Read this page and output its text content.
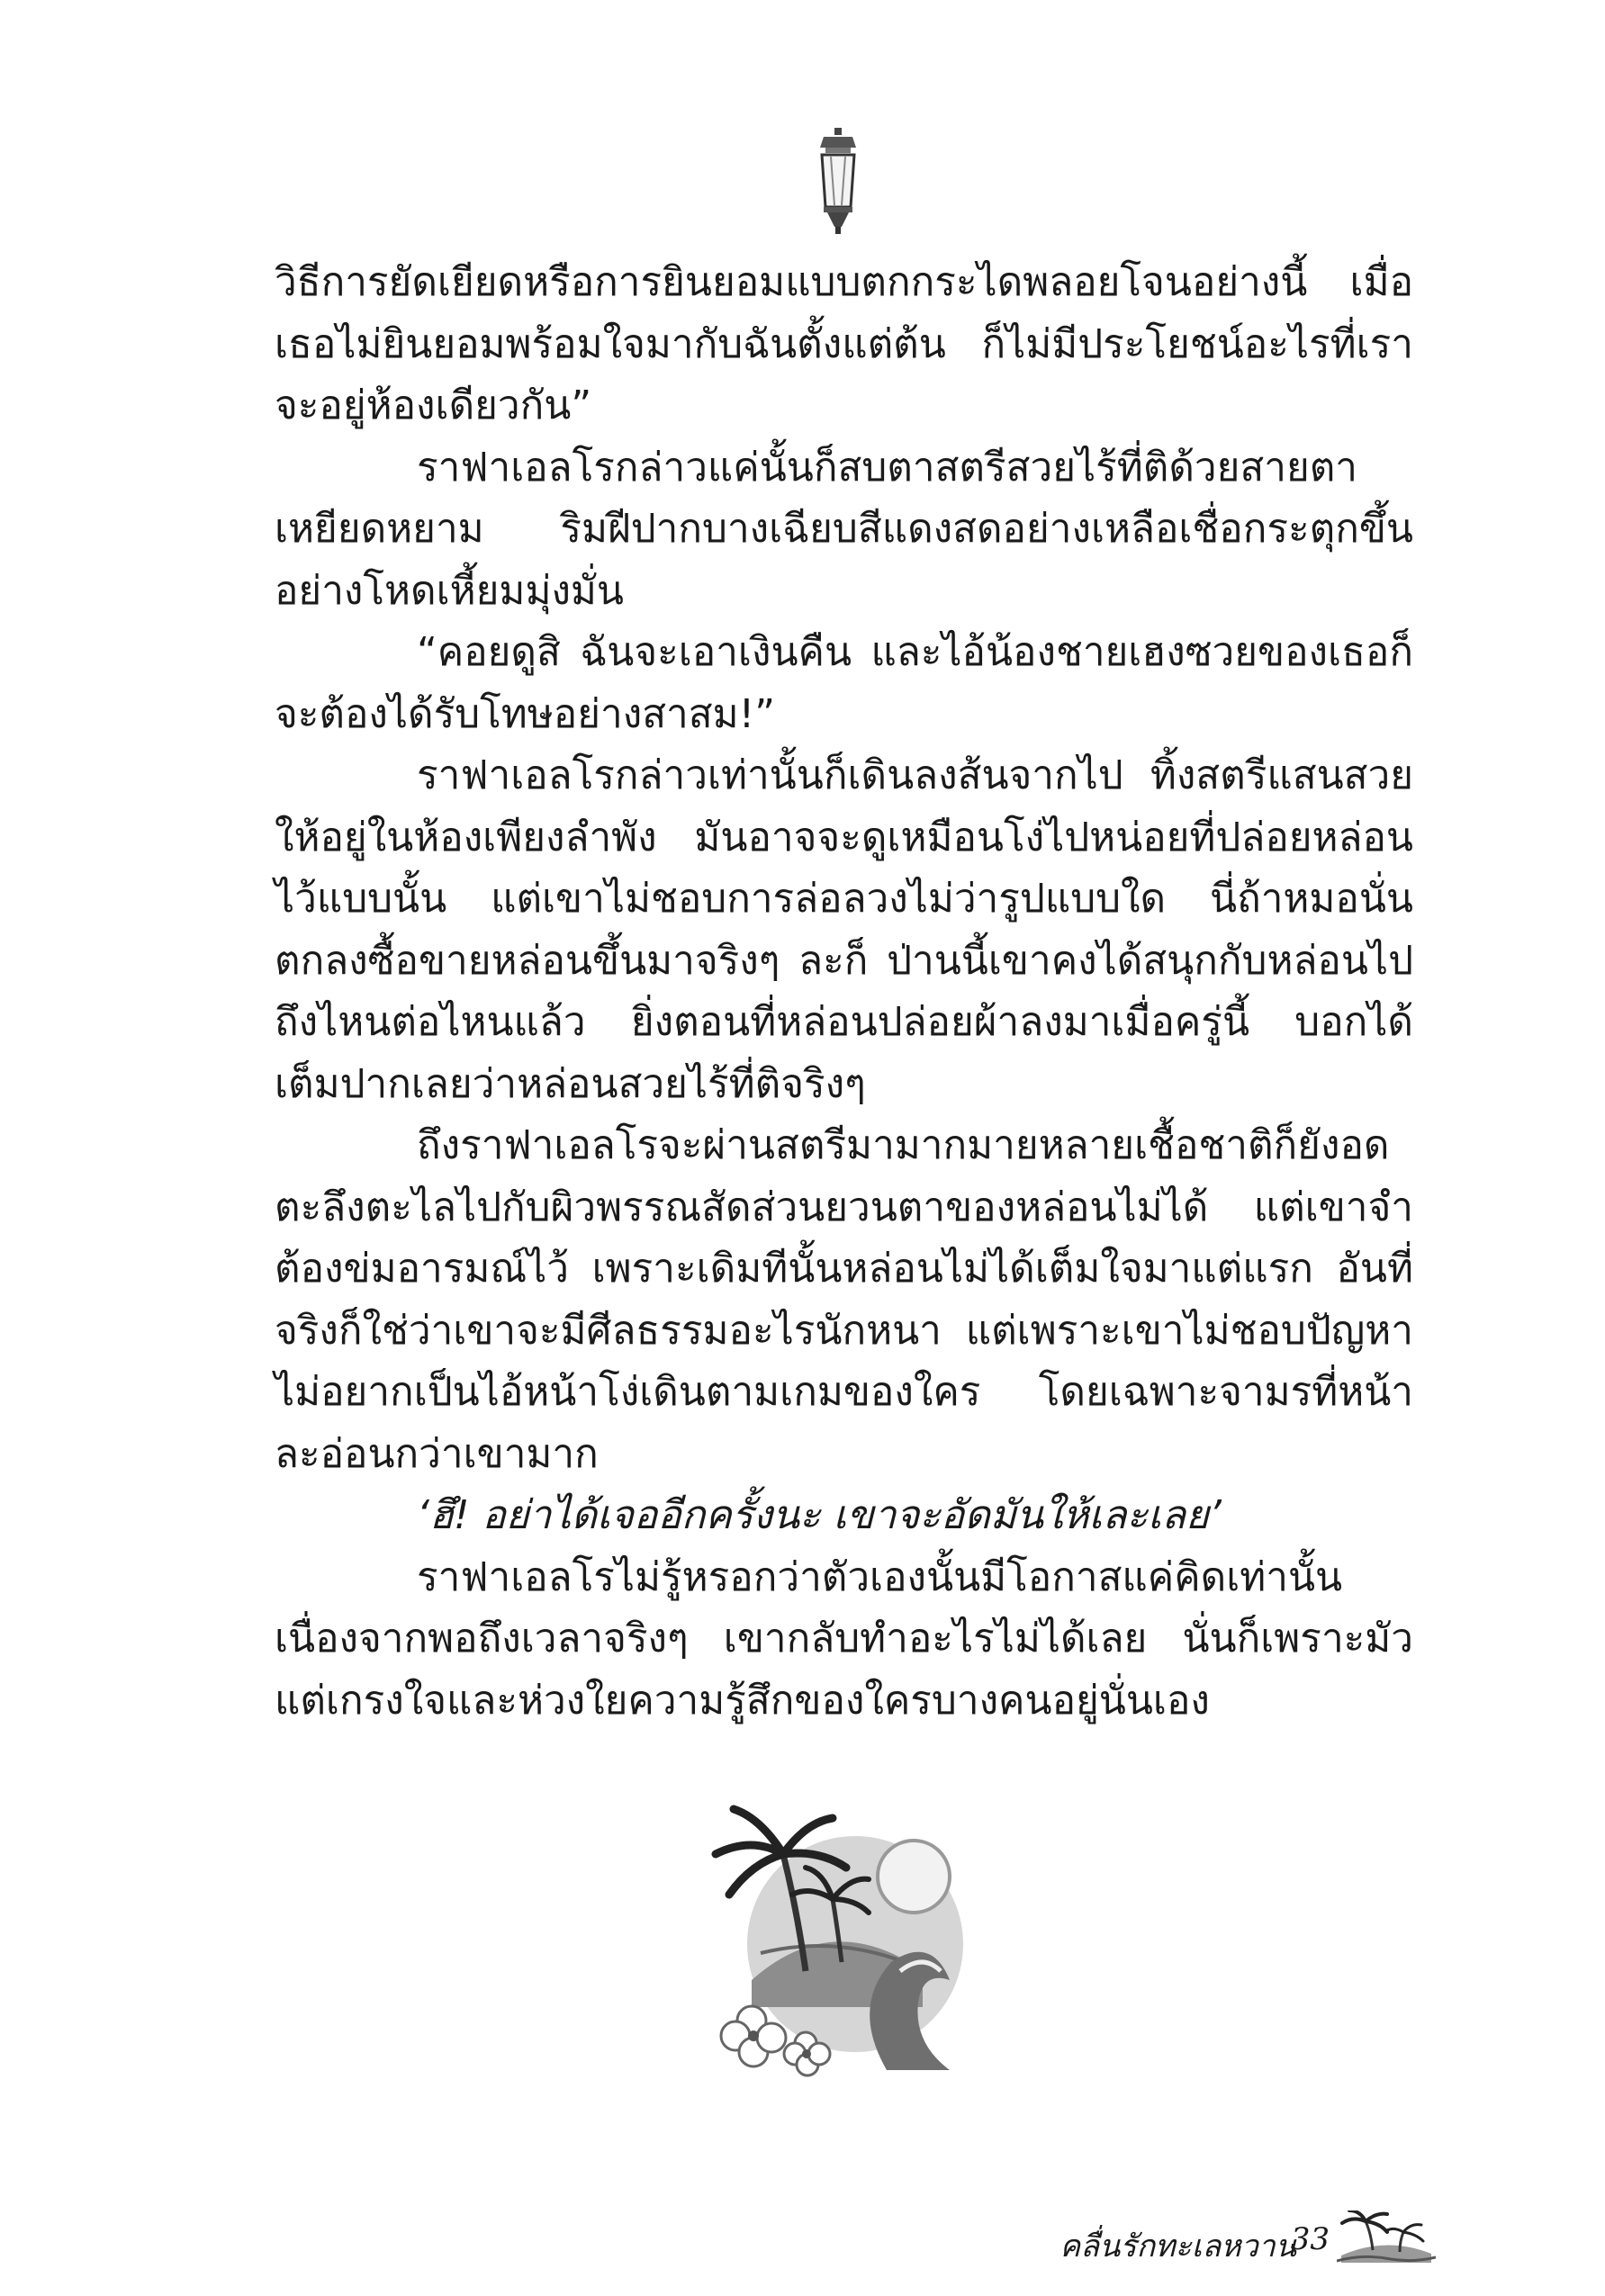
วิธีการยัดเยียดหรือการยินยอมแบบตกกระไดพลอยโจนอย่างนี้ เมื่อเธอไม่ยินยอมพร้อมใจมากับฉันตั้งแต่ต้น ก็ไม่มีประโยชน์อะไรที่เราจะอยู่ห้องเดียวกัน”

ราฟาเอลโรกล่าวแค่นั้นก็สบตาสตรีสวยไร้ที่ติด้วยสายตาเหยียดหยาม ริมฝีปากบางเฉียบสีแดงสดอย่างเหลือเชื่อกระตุกขึ้นอย่างโหดเหี้ยมมุ่งมั่น

“คอยดูสิ ฉันจะเอาเงินคืน และไอ้น้องชายเฮงซวยของเธอก็จะต้องได้รับโทษอย่างสาสม!”

ราฟาเอลโรกล่าวเท่านั้นก็เดินลงส้นจากไป ทิ้งสตรีแสนสวยให้อยู่ในห้องเพียงลำพัง มันอาจจะดูเหมือนโง่ไปหน่อยที่ปล่อยหล่อนไว้แบบนั้น แต่เขาไม่ชอบการล่อลวงไม่ว่ารูปแบบใด นี่ถ้าหมอนั่นตกลงซื้อขายหล่อนขึ้นมาจริงๆ ละก็ ป่านนี้เขาคงได้สนุกกับหล่อนไปถึงไหนต่อไหนแล้ว ยิ่งตอนที่หล่อนปล่อยผ้าลงมาเมื่อครู่นี้ บอกได้เต็มปากเลยว่าหล่อนสวยไร้ที่ติจริงๆ

ถึงราฟาเอลโรจะผ่านสตรีมามากมายหลายเชื้อชาติก็ยังอดตะลึงตะไลไปกับผิวพรรณสัดส่วนยวนตาของหล่อนไม่ได้ แต่เขาจำต้องข่มอารมณ์ไว้ เพราะเดิมทีนั้นหล่อนไม่ได้เต็มใจมาแต่แรก อันที่จริงก็ใช่ว่าเขาจะมีศีลธรรมอะไรนักหนา แต่เพราะเขาไม่ชอบปัญหา ไม่อยากเป็นไอ้หน้าโง่เดินตามเกมของใคร โดยเฉพาะจามรที่หน้าละอ่อนกว่าเขามาก

‘ฮึ! อย่าได้เจออีกครั้งนะ เขาจะอัดมันให้เละเลย’

ราฟาเอลโรไม่รู้หรอกว่าตัวเองนั้นมีโอกาสแค่คิดเท่านั้นเนื่องจากพอถึงเวลาจริงๆ เขากลับทำอะไรไม่ได้เลย นั่นก็เพราะมัวแต่เกรงใจและห่วงใยความรู้สึกของใครบางคนอยู่นั่นเอง

คลื่นรักทะเลหวาน
33
